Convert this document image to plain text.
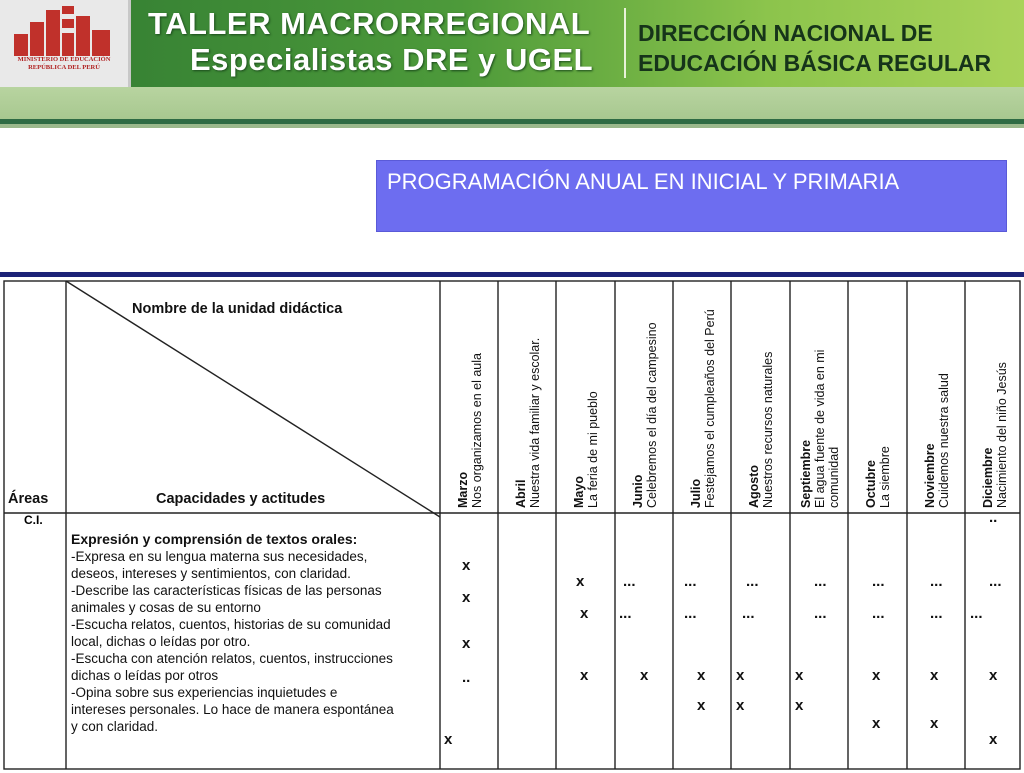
MINISTERIO DE EDUCACIÓN REPÚBLICA DEL PERÚ
TALLER MACRORREGIONAL
Especialistas DRE y UGEL
DIRECCIÓN NACIONAL DE
EDUCACIÓN BÁSICA REGULAR
PROGRAMACIÓN ANUAL EN INICIAL Y PRIMARIA
Nombre de la unidad didáctica
Capacidades y actitudes
Áreas
C.I.
Marzo Nos organizamos en el aula Abril Nuestra vida familiar y escolar. Mayo La feria de mi pueblo Junio Celebremos el día del campesino Julio Festejamos el cumpleaños del Perú Agosto Nuestros recursos naturales Septiembre El agua fuente de vida en mi comunidad Octubre La siembre Noviembre Cuidemos nuestra salud Diciembre Nacimiento del niño Jesús
Expresión y comprensión de textos orales:
-Expresa en su lengua materna sus necesidades,
deseos, intereses y sentimientos, con claridad.
-Describe las características físicas de las personas
animales y cosas de su entorno
-Escucha relatos, cuentos, historias de su comunidad
local, dichas o leídas por otro.
-Escucha con atención relatos, cuentos, instrucciones
dichas o leídas por otros
-Opina sobre sus experiencias inquietudes e
intereses personales. Lo hace de manera espontánea
y con claridad.
x
x
x
..
x
x
x
x
...
...
x
...
...
x
x
...
...
x
x
...
...
x
x
...
...
x
x
...
...
x
x
..
...
...
x
x
